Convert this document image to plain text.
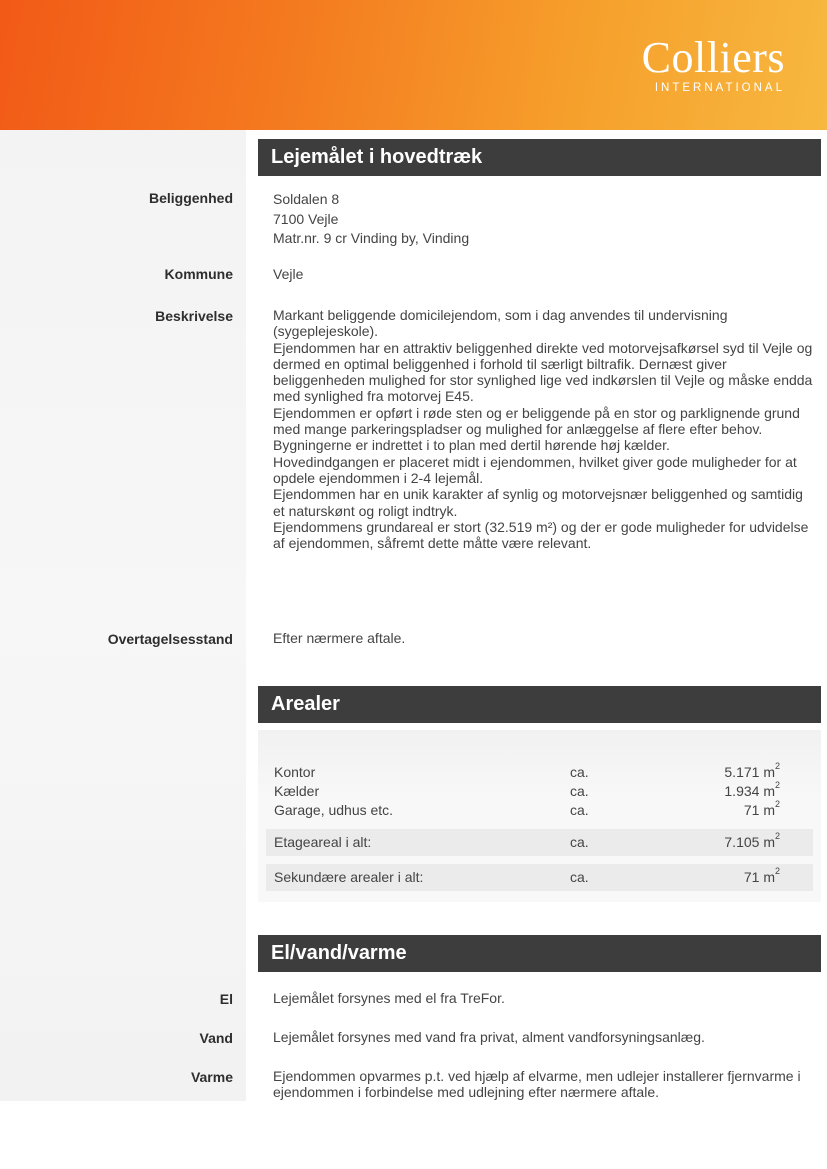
Colliers
INTERNATIONAL
Lejemålet i hovedtræk
Beliggenhed	Soldalen 8
7100 Vejle
Matr.nr. 9 cr Vinding by, Vinding
Kommune	Vejle
Beskrivelse	Markant beliggende domicilejendom, som i dag anvendes til undervisning (sygeplejeskole).
Ejendommen har en attraktiv beliggenhed direkte ved motorvejsafkørsel syd til Vejle og dermed en optimal beliggenhed i forhold til særligt biltrafik. Dernæst giver beliggenheden mulighed for stor synlighed lige ved indkørslen til Vejle og måske endda med synlighed fra motorvej E45.
Ejendommen er opført i røde sten og er beliggende på en stor og parklignende grund med mange parkeringspladser og mulighed for anlæggelse af flere efter behov.
Bygningerne er indrettet i to plan med dertil hørende høj kælder.
Hovedindgangen er placeret midt i ejendommen, hvilket giver gode muligheder for at opdele ejendommen i 2-4 lejemål.
Ejendommen har en unik karakter af synlig og motorvejsnær beliggenhed og samtidig et naturskønt og roligt indtryk.
Ejendommens grundareal er stort (32.519 m²) og der er gode muligheder for udvidelse af ejendommen, såfremt dette måtte være relevant.
Overtagelsesstand	Efter nærmere aftale.
Arealer
Kontor	ca.	5.171 $m^2$
Kælder	ca.	1.934 $m^2$
Garage, udhus etc.	ca.	71 $m^2$
Etageareal i alt:	ca.	7.105 $m^2$
Sekundære arealer i alt:	ca.	71 $m^2$
El/vand/varme
El	Lejemålet forsynes med el fra TreFor.
Vand	Lejemålet forsynes med vand fra privat, alment vandforsyningsanlæg.
Varme	Ejendommen opvarmes p.t. ved hjælp af elvarme, men udlejer installerer fjernvarme i ejendommen i forbindelse med udlejning efter nærmere aftale.
